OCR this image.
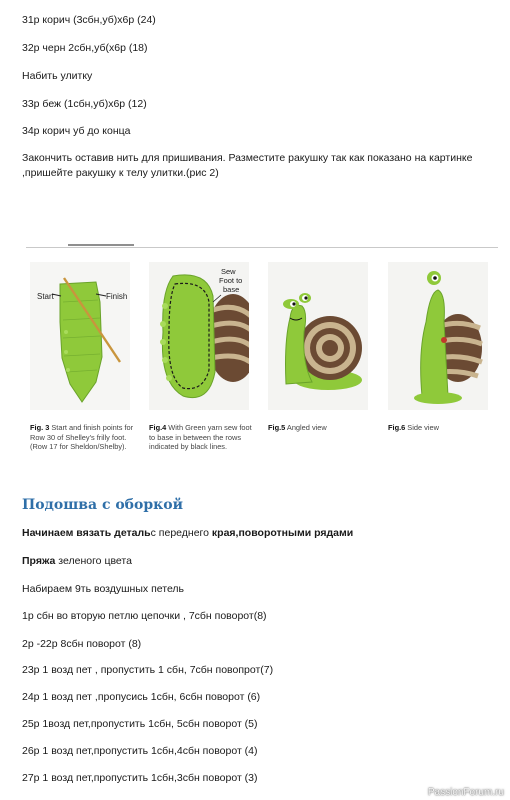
31р корич (3сбн,уб)х6р (24)
32р черн 2сбн,уб(х6р (18)
Набить улитку
33р беж (1сбн,уб)х6р (12)
34р корич уб до конца
Закончить оставив нить для пришивания. Разместите ракушку так как показано на картинке ,пришейте ракушку к телу улитки.(рис 2)
Start	Finish
Sew
Foot to
base
Fig. 3 Start and finish points for Row 30 of Shelley's frilly foot. (Row 17 for Sheldon/Shelby).
Fig.4 With Green yarn sew foot to base in between the rows indicated by black lines.
Fig.5 Angled view	Fig.6 Side view
Подошва с оборкой
Начинаем вязать детальс переднего края,поворотными рядами
Пряжа зеленого цвета
Набираем 9ть воздушных петель
1р сбн во вторую петлю цепочки , 7сбн поворот(8)
2р -22р 8сбн поворот (8)
23р 1 возд пет , пропустить 1 сбн, 7сбн повопрот(7)
24р 1 возд пет ,пропусиcь 1сбн, 6сбн поворот (6)
25р 1возд пет,пропустить 1сбн, 5сбн поворот (5)
26р 1 возд пет,пропустить 1сбн,4сбн поворот (4)
27р 1 возд пет,пропустить 1сбн,3сбн поворот (3)
PassionForum.ru
